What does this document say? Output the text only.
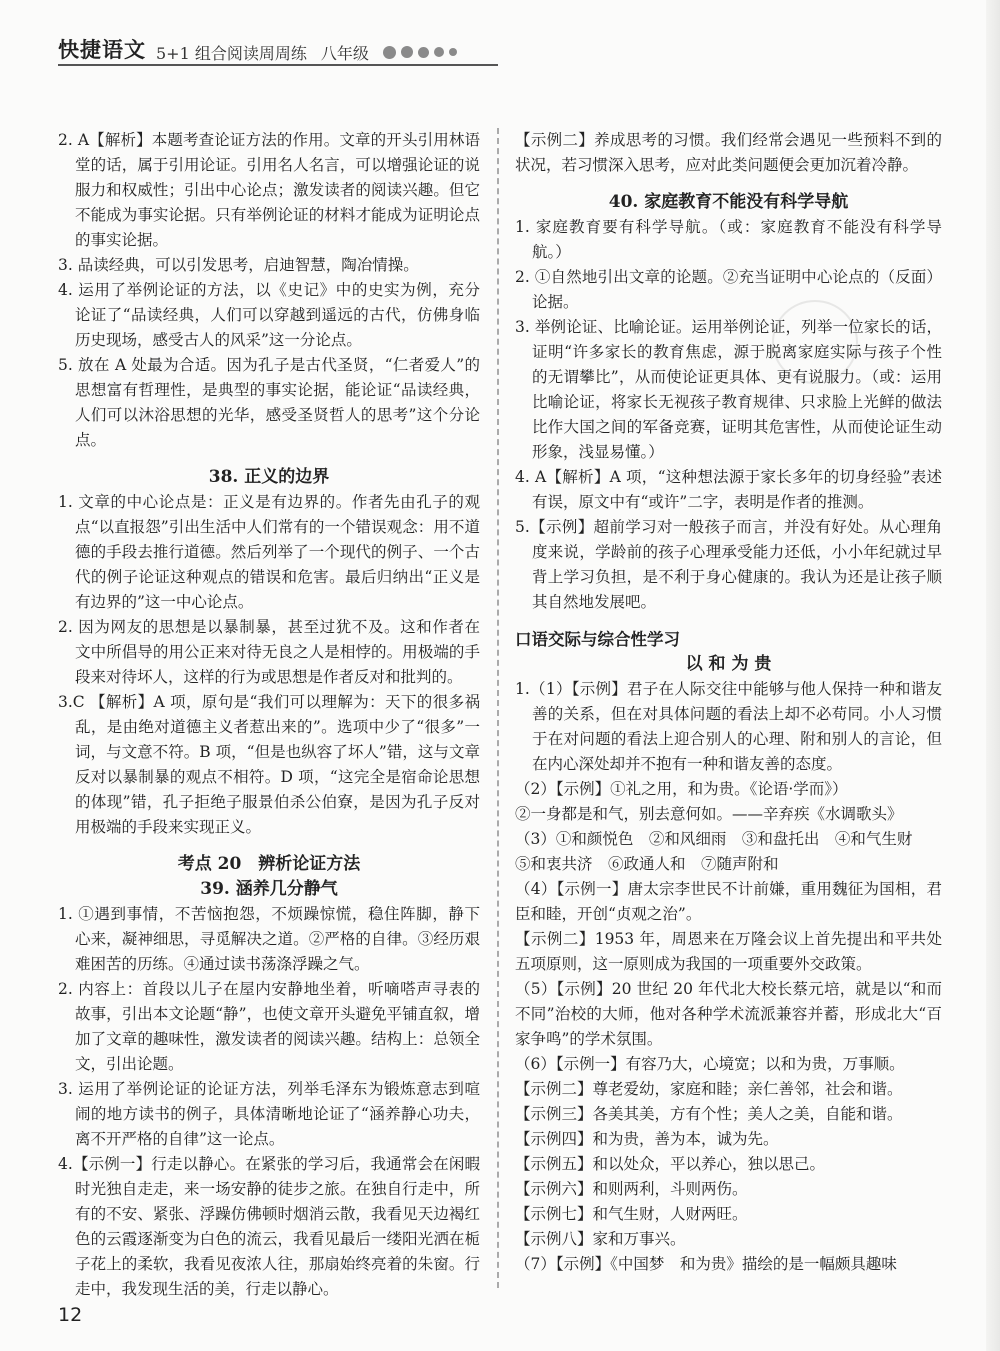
快捷语文 5+1 组合阅读周周练 八年级

2. A【解析】本题考查论证方法的作用。文章的开头引用林语堂的话，属于引用论证。引用名人名言，可以增强论证的说服力和权威性；引出中心论点；激发读者的阅读兴趣。但它不能成为事实论据。只有举例论证的材料才能成为证明论点的事实论据。

3. 品读经典，可以引发思考，启迪智慧，陶冶情操。

4. 运用了举例论证的方法，以《史记》中的史实为例，充分论证了“品读经典，人们可以穿越到遥远的古代，仿佛身临历史现场，感受古人的风采”这一分论点。

5. 放在 A 处最为合适。因为孔子是古代圣贤，“仁者爱人”的思想富有哲理性，是典型的事实论据，能论证“品读经典，人们可以沐浴思想的光华，感受圣贤哲人的思考”这个分论点。

38. 正义的边界

1. 文章的中心论点是：正义是有边界的。作者先由孔子的观点“以直报怨”引出生活中人们常有的一个错误观念：用不道德的手段去推行道德。然后列举了一个现代的例子、一个古代的例子论证这种观点的错误和危害。最后归纳出“正义是有边界的”这一中心论点。

2. 因为网友的思想是以暴制暴，甚至过犹不及。这和作者在文中所倡导的用公正来对待无良之人是相悖的。用极端的手段来对待坏人，这样的行为或思想是作者反对和批判的。

3.C 【解析】A 项，原句是“我们可以理解为：天下的很多祸乱，是由绝对道德主义者惹出来的”。选项中少了“很多”一词，与文意不符。B 项，“但是也纵容了坏人”错，这与文章反对以暴制暴的观点不相符。D 项，“这完全是宿命论思想的体现”错，孔子拒绝子服景伯杀公伯寮，是因为孔子反对用极端的手段来实现正义。

考点 20　辨析论证方法

39. 涵养几分静气

1. ①遇到事情，不苦恼抱怨，不烦躁惊慌，稳住阵脚，静下心来，凝神细思，寻觅解决之道。②严格的自律。③经历艰难困苦的历练。④通过读书荡涤浮躁之气。

2. 内容上：首段以儿子在屋内安静地坐着，听嘀嗒声寻表的故事，引出本文论题“静”，也使文章开头避免平铺直叙，增加了文章的趣味性，激发读者的阅读兴趣。结构上：总领全文，引出论题。

3. 运用了举例论证的论证方法，列举毛泽东为锻炼意志到喧闹的地方读书的例子，具体清晰地论证了“涵养静心功夫，离不开严格的自律”这一论点。

4.【示例一】行走以静心。在紧张的学习后，我通常会在闲暇时光独自走走，来一场安静的徒步之旅。在独自行走中，所有的不安、紧张、浮躁仿佛顿时烟消云散，我看见天边褐红色的云霞逐渐变为白色的流云，我看见最后一缕阳光洒在栀子花上的柔软，我看见夜浓人往，那扇始终亮着的朱窗。行走中，我发现生活的美，行走以静心。

【示例二】养成思考的习惯。我们经常会遇见一些预料不到的状况，若习惯深入思考，应对此类问题便会更加沉着冷静。

40. 家庭教育不能没有科学导航

1. 家庭教育要有科学导航。（或：家庭教育不能没有科学导航。）

2. ①自然地引出文章的论题。②充当证明中心论点的（反面）论据。

3. 举例论证、比喻论证。运用举例论证，列举一位家长的话，证明“许多家长的教育焦虑，源于脱离家庭实际与孩子个性的无谓攀比”，从而使论证更具体、更有说服力。（或：运用比喻论证，将家长无视孩子教育规律、只求脸上光鲜的做法比作大国之间的军备竞赛，证明其危害性，从而使论证生动形象，浅显易懂。）

4. A【解析】A 项，“这种想法源于家长多年的切身经验”表述有误，原文中有“或许”二字，表明是作者的推测。

5.【示例】超前学习对一般孩子而言，并没有好处。从心理角度来说，学龄前的孩子心理承受能力还低，小小年纪就过早背上学习负担，是不利于身心健康的。我认为还是让孩子顺其自然地发展吧。

口语交际与综合性学习

以 和 为 贵

1.（1）【示例】君子在人际交往中能够与他人保持一种和谐友善的关系，但在对具体问题的看法上却不必苟同。小人习惯于在对问题的看法上迎合别人的心理、附和别人的言论，但在内心深处却并不抱有一种和谐友善的态度。

（2）【示例】①礼之用，和为贵。《论语·学而》）

②一身都是和气，别去意何如。——辛弃疾《水调歌头》

（3）①和颜悦色　②和风细雨　③和盘托出　④和气生财

⑤和衷共济　⑥政通人和　⑦随声附和

（4）【示例一】唐太宗李世民不计前嫌，重用魏征为国相，君臣和睦，开创“贞观之治”。

【示例二】1953 年，周恩来在万隆会议上首先提出和平共处五项原则，这一原则成为我国的一项重要外交政策。

（5）【示例】20 世纪 20 年代北大校长蔡元培，就是以“和而不同”治校的大师，他对各种学术流派兼容并蓄，形成北大“百家争鸣”的学术氛围。

（6）【示例一】有容乃大，心境宽；以和为贵，万事顺。

【示例二】尊老爱幼，家庭和睦；亲仁善邻，社会和谐。

【示例三】各美其美，方有个性；美人之美，自能和谐。

【示例四】和为贵，善为本，诚为先。

【示例五】和以处众，平以养心，独以思己。

【示例六】和则两利，斗则两伤。

【示例七】和气生财，人财两旺。

【示例八】家和万事兴。

（7）【示例】《中国梦　和为贵》描绘的是一幅颇具趣味

12
